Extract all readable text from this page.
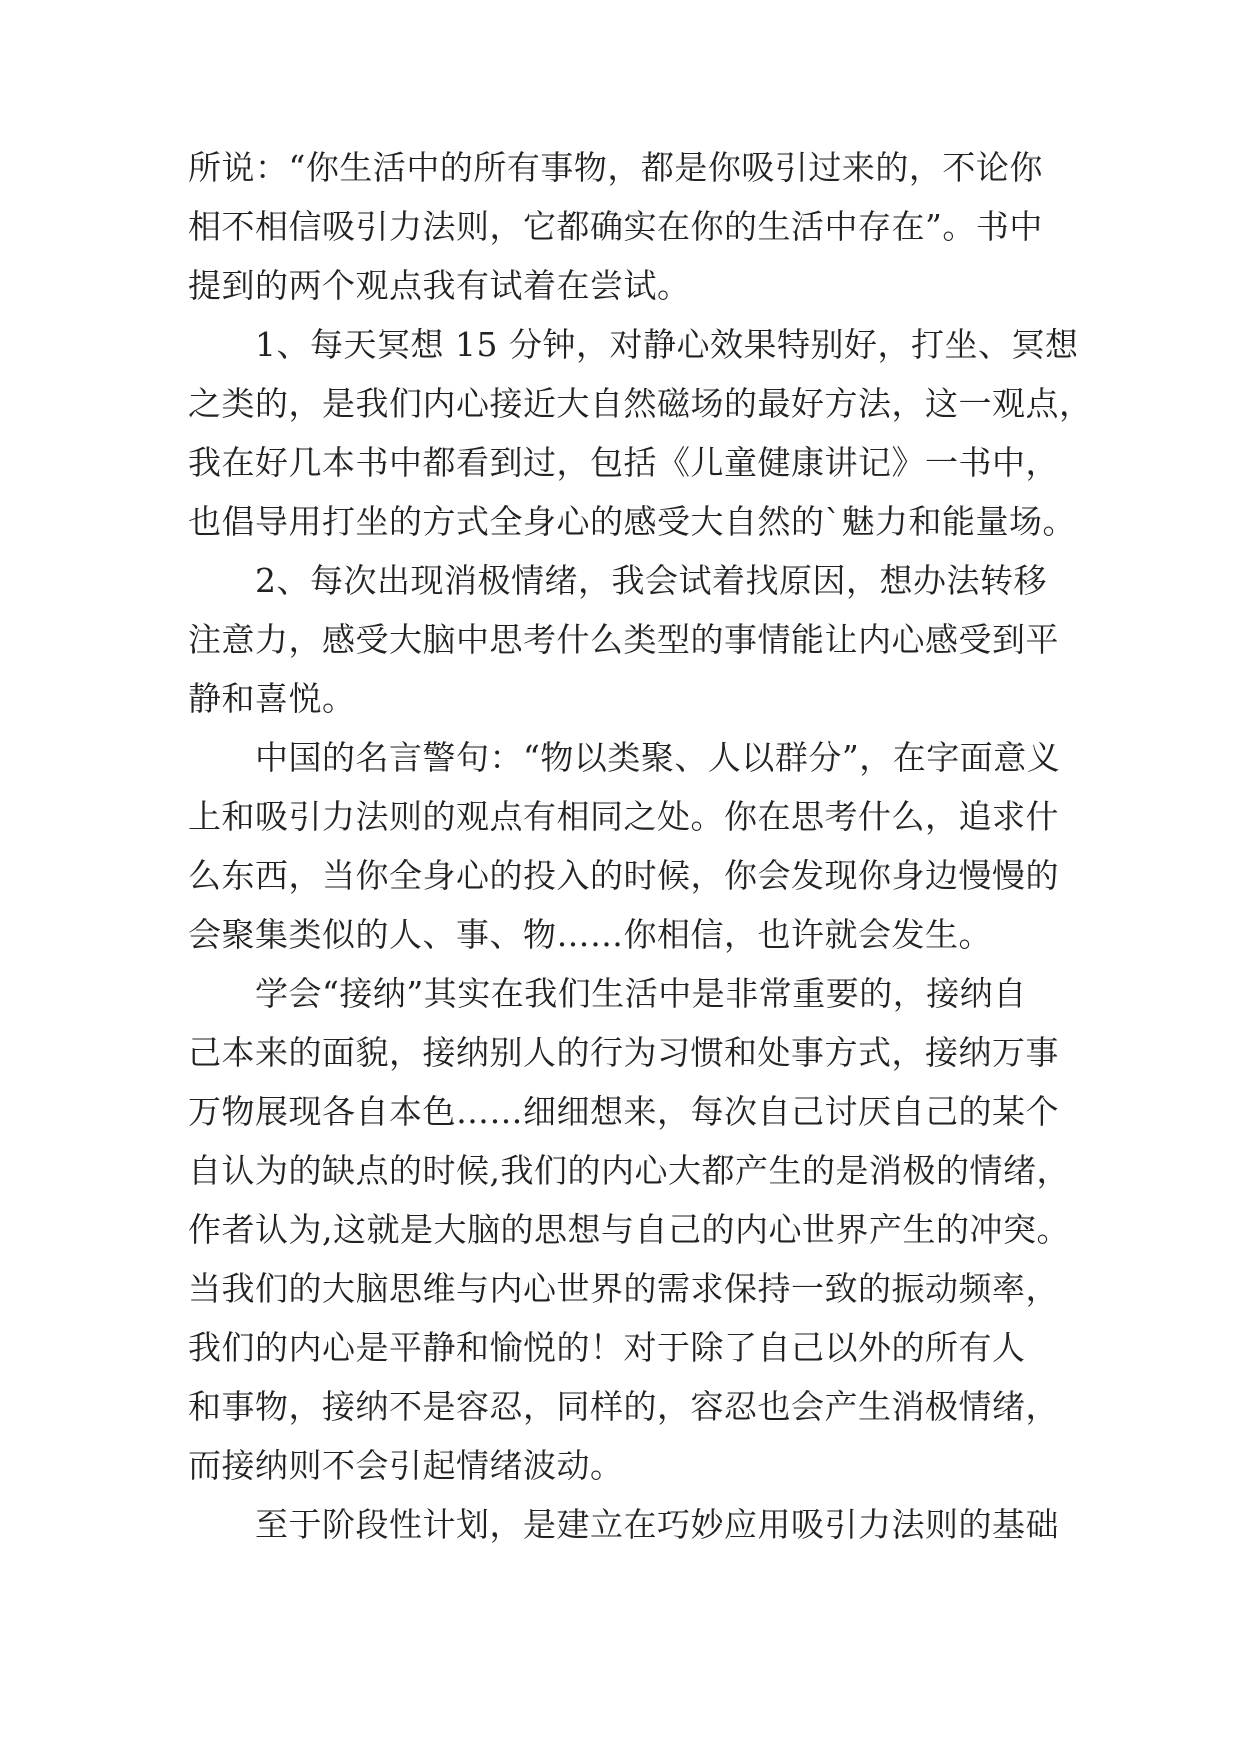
所说：“你生活中的所有事物，都是你吸引过来的，不论你
相不相信吸引力法则，它都确实在你的生活中存在”。书中
提到的两个观点我有试着在尝试。
　　1、每天冥想 15 分钟，对静心效果特别好，打坐、冥想
之类的，是我们内心接近大自然磁场的最好方法，这一观点，
我在好几本书中都看到过，包括《儿童健康讲记》一书中，
也倡导用打坐的方式全身心的感受大自然的`魅力和能量场。
　　2、每次出现消极情绪，我会试着找原因，想办法转移
注意力，感受大脑中思考什么类型的事情能让内心感受到平
静和喜悦。
　　中国的名言警句：“物以类聚、人以群分”，在字面意义
上和吸引力法则的观点有相同之处。你在思考什么，追求什
么东西，当你全身心的投入的时候，你会发现你身边慢慢的
会聚集类似的人、事、物……你相信，也许就会发生。
　　学会“接纳”其实在我们生活中是非常重要的，接纳自
己本来的面貌，接纳别人的行为习惯和处事方式，接纳万事
万物展现各自本色……细细想来，每次自己讨厌自己的某个
自认为的缺点的时候,我们的内心大都产生的是消极的情绪，
作者认为,这就是大脑的思想与自己的内心世界产生的冲突。
当我们的大脑思维与内心世界的需求保持一致的振动频率，
我们的内心是平静和愉悦的！对于除了自己以外的所有人
和事物，接纳不是容忍，同样的，容忍也会产生消极情绪，
而接纳则不会引起情绪波动。
　　至于阶段性计划，是建立在巧妙应用吸引力法则的基础
